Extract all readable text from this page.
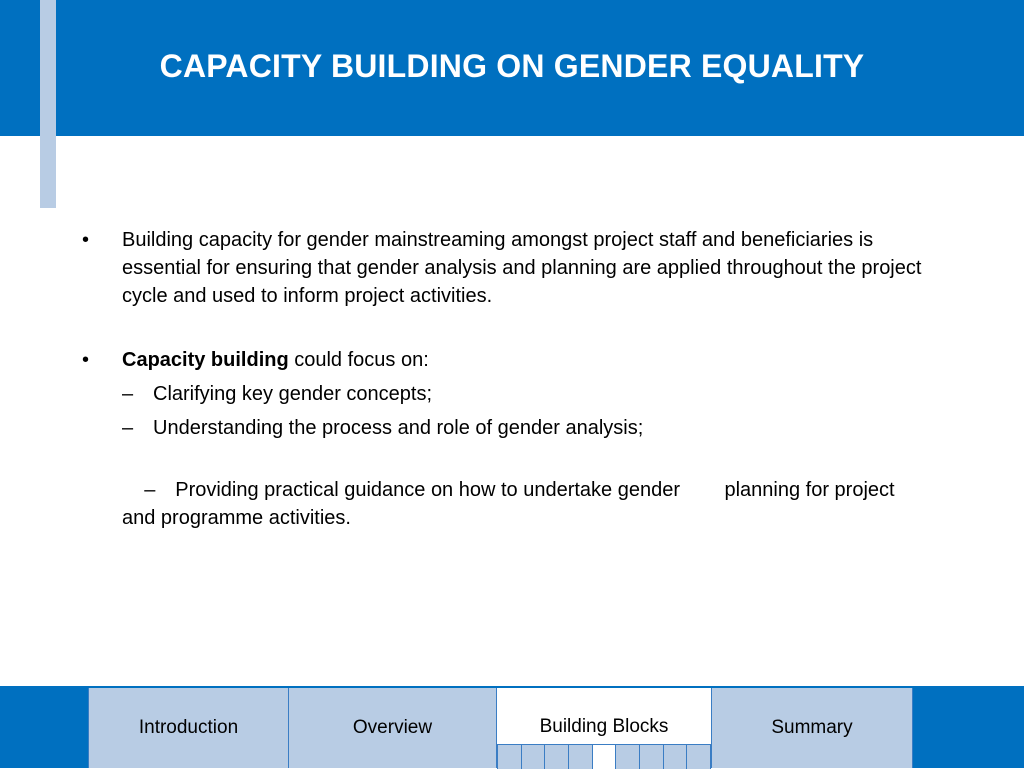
CAPACITY BUILDING ON GENDER EQUALITY
•	Building capacity for gender mainstreaming amongst project staff and beneficiaries is essential for ensuring that gender analysis and planning are applied throughout the project cycle and used to inform project activities.
•	Capacity building could focus on:
– Clarifying key gender concepts;
– Understanding the process and role of gender analysis;

– Providing practical guidance on how to undertake gender        planning for project and programme activities.

Introduction	Overview	Building Blocks	Summary
